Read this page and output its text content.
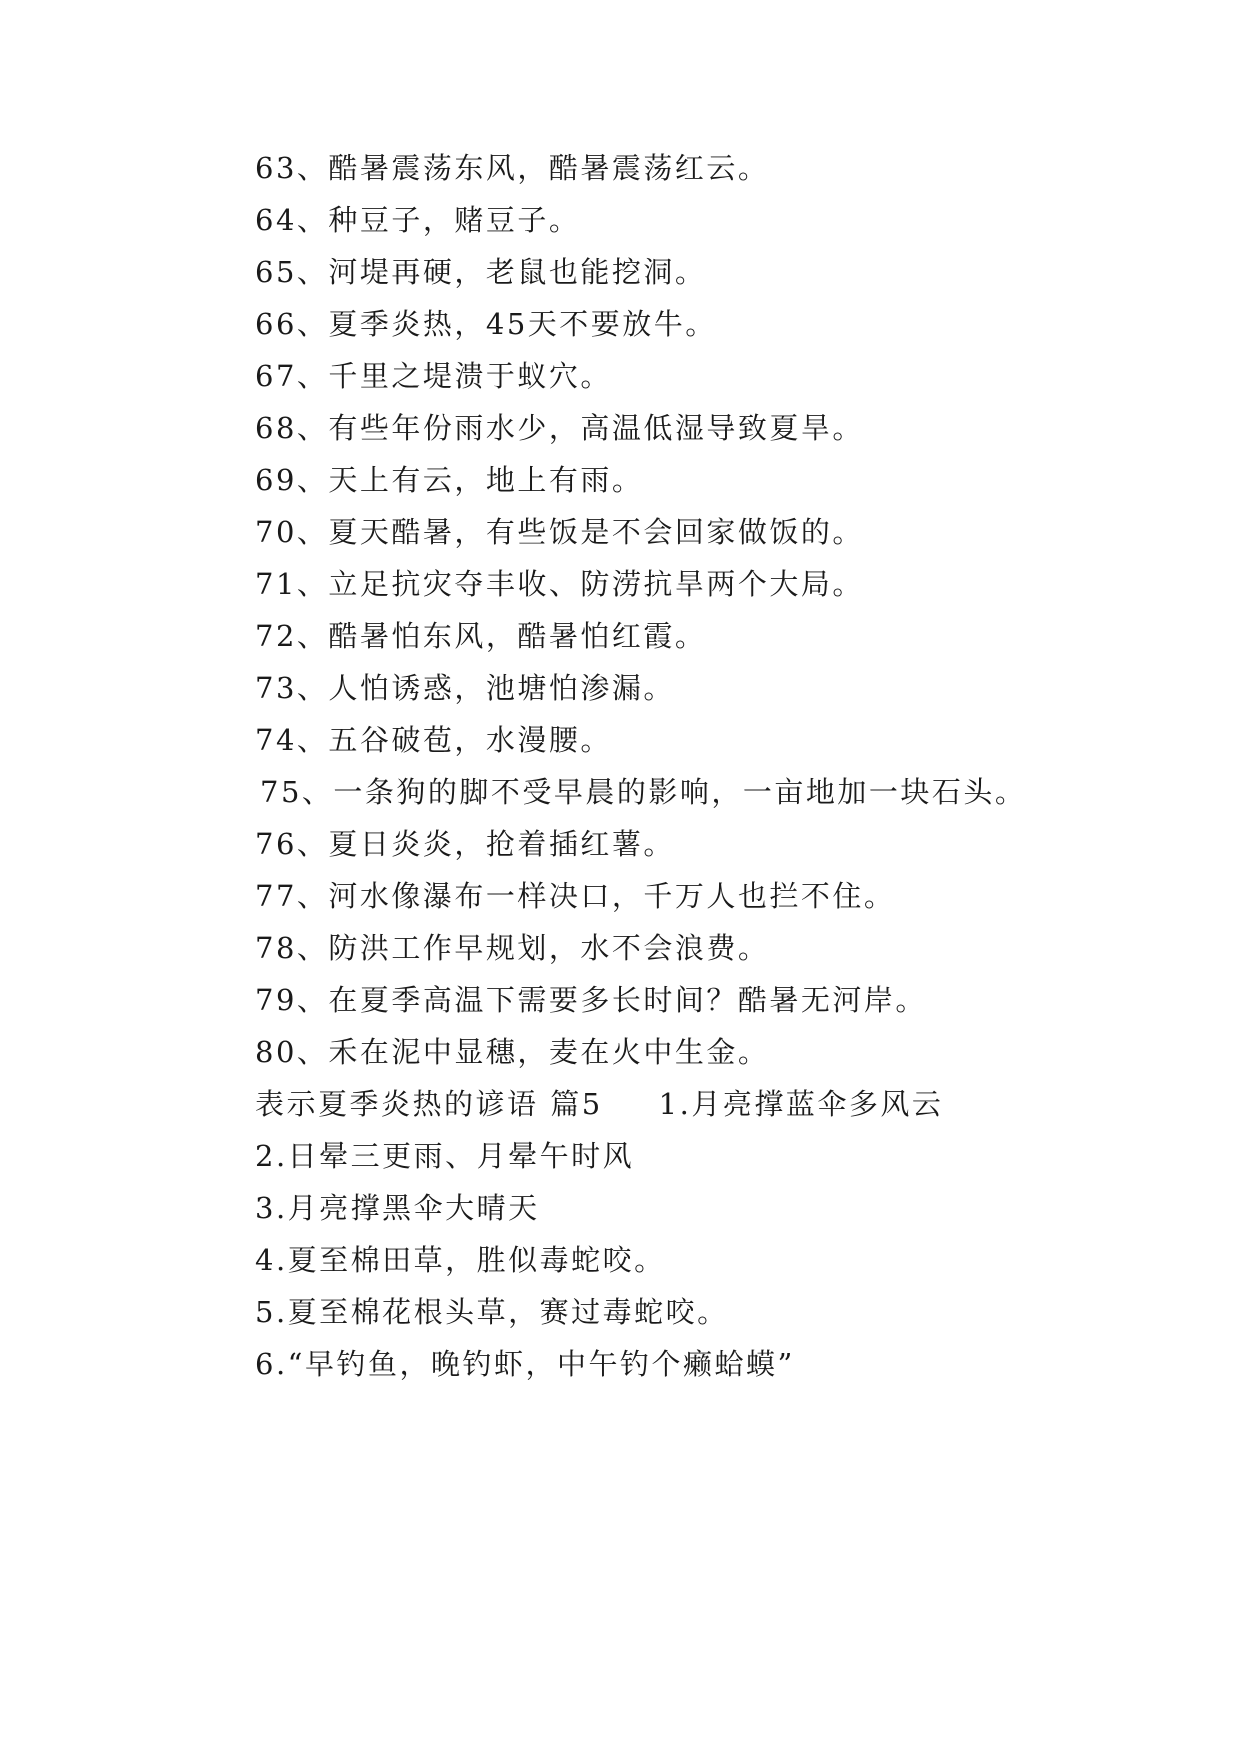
63、酷暑震荡东风，酷暑震荡红云。
64、种豆子，赌豆子。
65、河堤再硬，老鼠也能挖洞。
66、夏季炎热，45天不要放牛。
67、千里之堤溃于蚁穴。
68、有些年份雨水少，高温低湿导致夏旱。
69、天上有云，地上有雨。
70、夏天酷暑，有些饭是不会回家做饭的。
71、立足抗灾夺丰收、防涝抗旱两个大局。
72、酷暑怕东风，酷暑怕红霞。
73、人怕诱惑，池塘怕渗漏。
74、五谷破苞，水漫腰。
75、一条狗的脚不受早晨的影响，一亩地加一块石头。
76、夏日炎炎，抢着插红薯。
77、河水像瀑布一样决口，千万人也拦不住。
78、防洪工作早规划，水不会浪费。
79、在夏季高温下需要多长时间？酷暑无河岸。
80、禾在泥中显穗，麦在火中生金。
表示夏季炎热的谚语 篇5 1.月亮撑蓝伞多风云
2.日晕三更雨、月晕午时风
3.月亮撑黑伞大晴天
4.夏至棉田草，胜似毒蛇咬。
5.夏至棉花根头草，赛过毒蛇咬。
6.“早钓鱼，晚钓虾，中午钓个癞蛤蟆”
